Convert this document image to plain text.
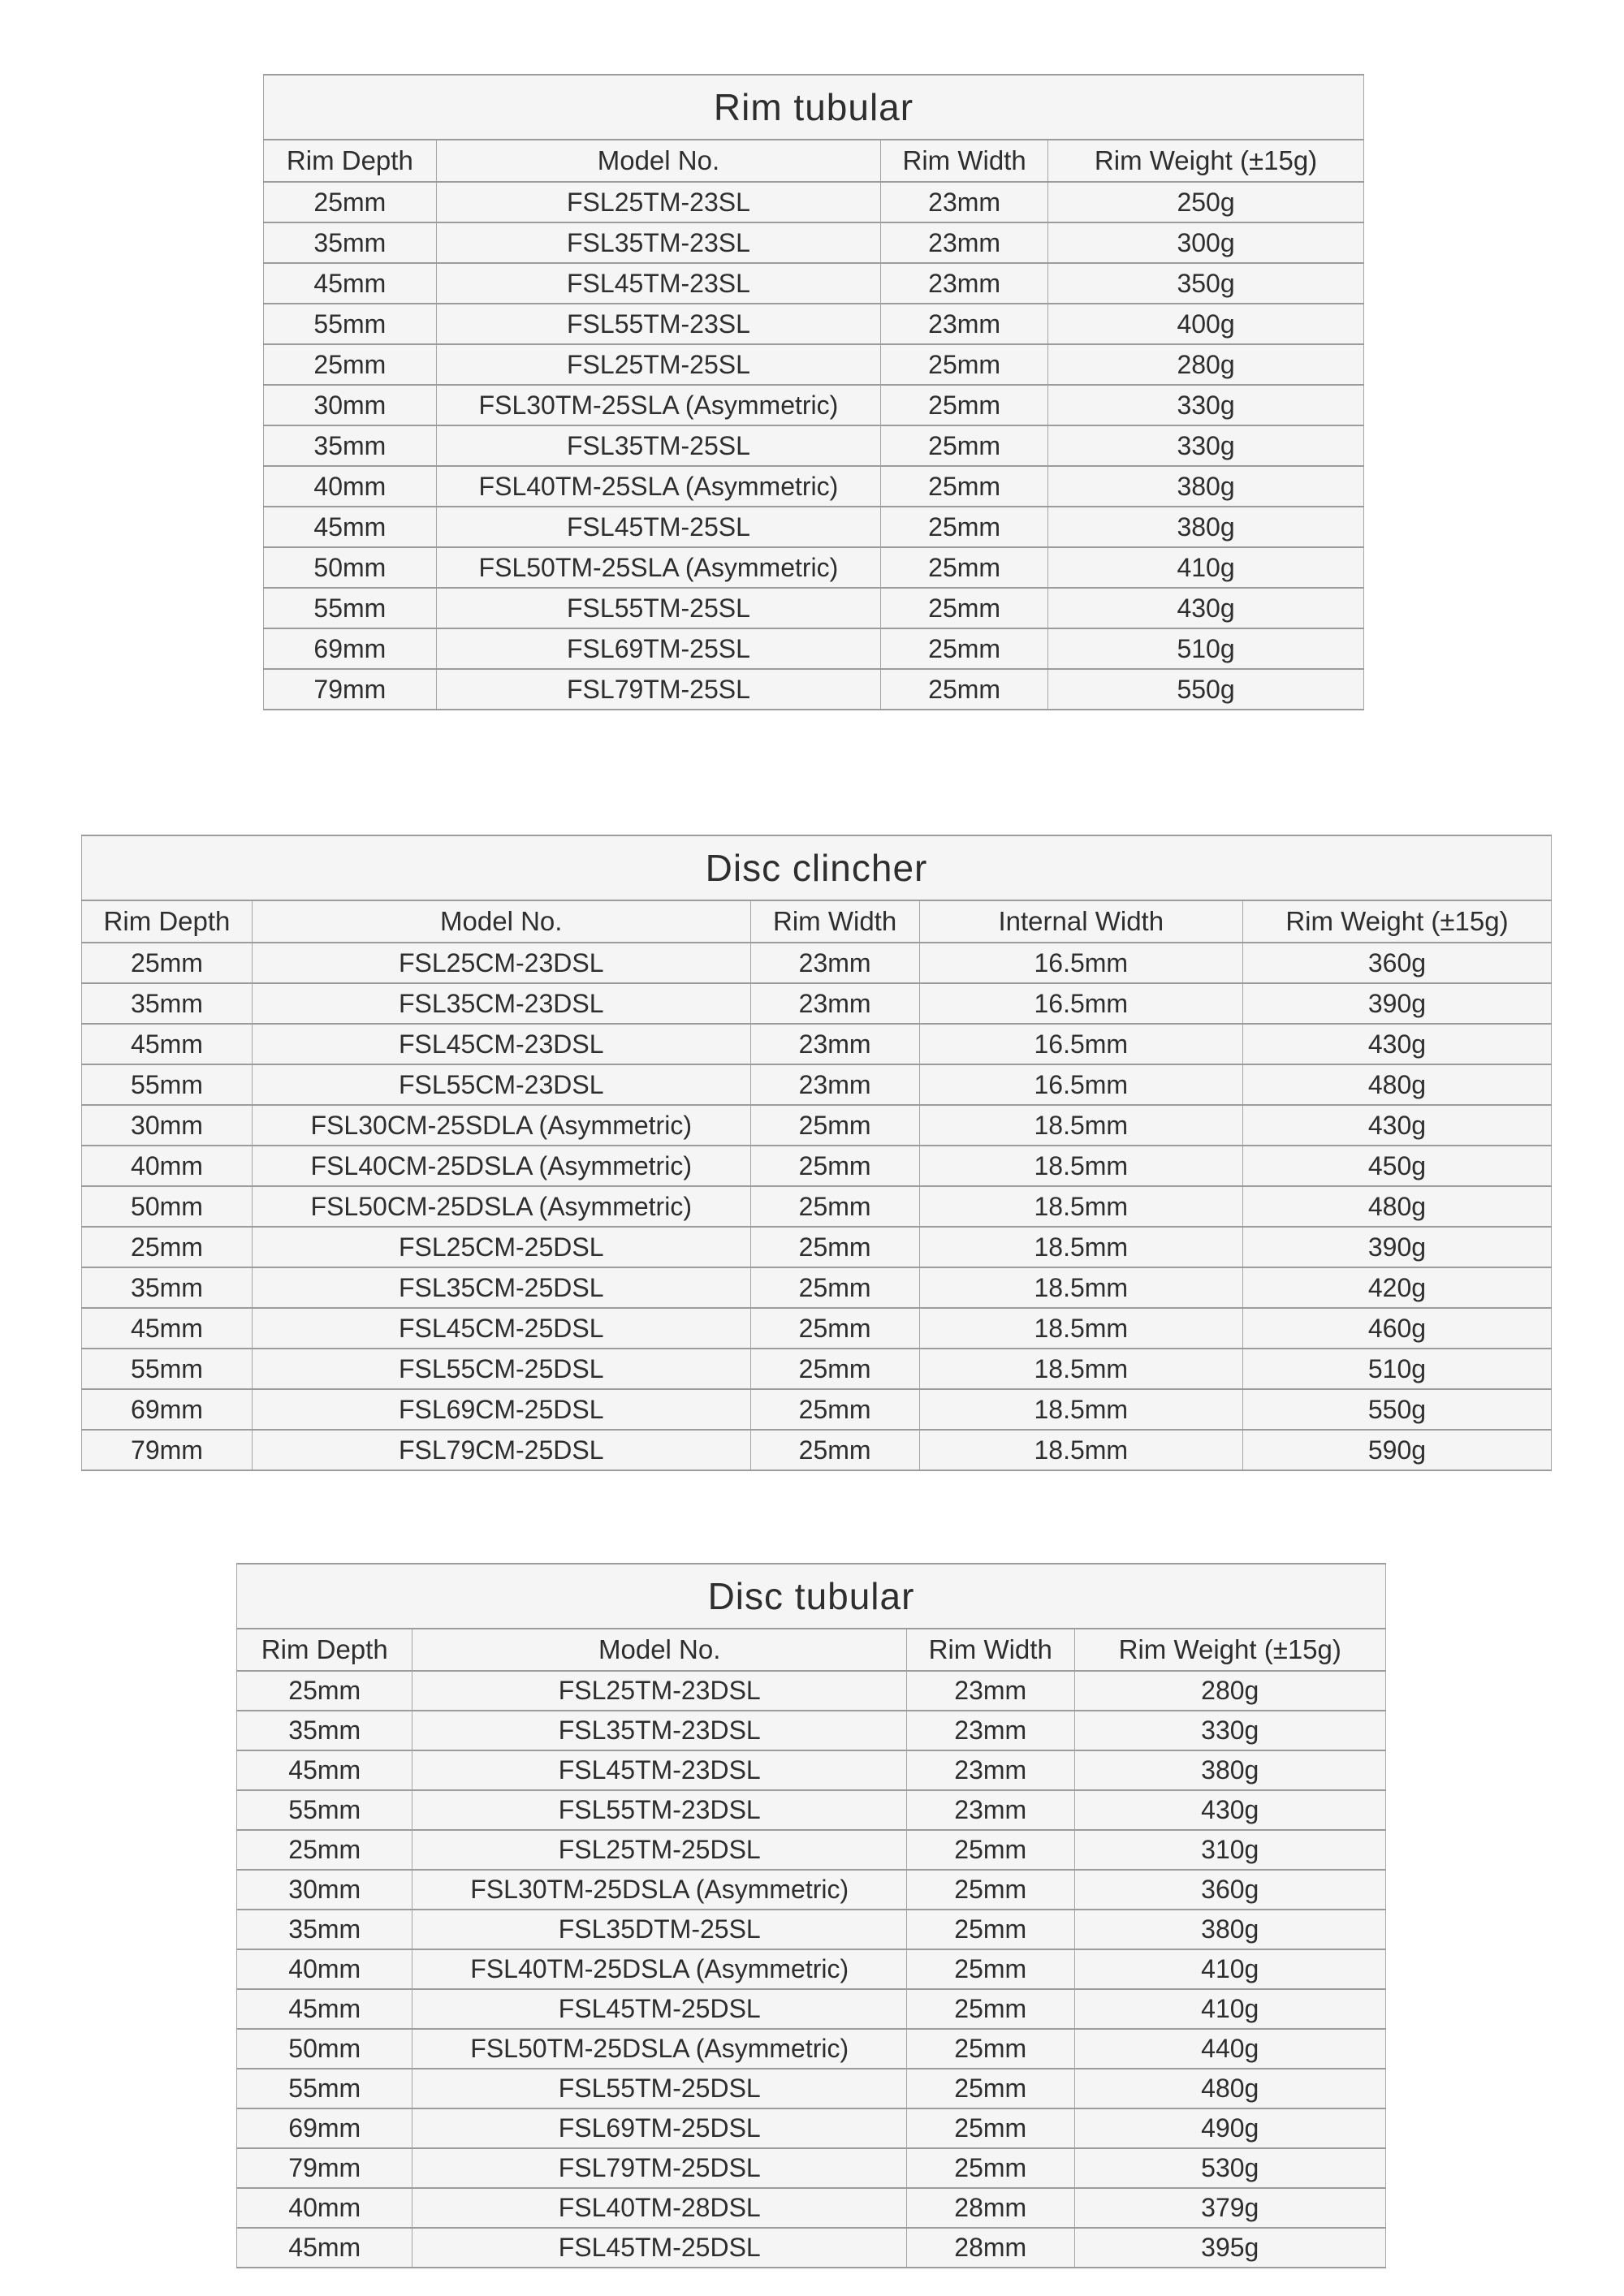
Rim tubular			
Rim Depth	Model No.	Rim Width	Rim Weight (±15g)
25mm	FSL25TM-23SL	23mm	250g
35mm	FSL35TM-23SL	23mm	300g
45mm	FSL45TM-23SL	23mm	350g
55mm	FSL55TM-23SL	23mm	400g
25mm	FSL25TM-25SL	25mm	280g
30mm	FSL30TM-25SLA (Asymmetric)	25mm	330g
35mm	FSL35TM-25SL	25mm	330g
40mm	FSL40TM-25SLA (Asymmetric)	25mm	380g
45mm	FSL45TM-25SL	25mm	380g
50mm	FSL50TM-25SLA (Asymmetric)	25mm	410g
55mm	FSL55TM-25SL	25mm	430g
69mm	FSL69TM-25SL	25mm	510g
79mm	FSL79TM-25SL	25mm	550g
Disc clincher				
Rim Depth	Model No.	Rim Width	Internal Width	Rim Weight (±15g)
25mm	FSL25CM-23DSL	23mm	16.5mm	360g
35mm	FSL35CM-23DSL	23mm	16.5mm	390g
45mm	FSL45CM-23DSL	23mm	16.5mm	430g
55mm	FSL55CM-23DSL	23mm	16.5mm	480g
30mm	FSL30CM-25SDLA (Asymmetric)	25mm	18.5mm	430g
40mm	FSL40CM-25DSLA (Asymmetric)	25mm	18.5mm	450g
50mm	FSL50CM-25DSLA (Asymmetric)	25mm	18.5mm	480g
25mm	FSL25CM-25DSL	25mm	18.5mm	390g
35mm	FSL35CM-25DSL	25mm	18.5mm	420g
45mm	FSL45CM-25DSL	25mm	18.5mm	460g
55mm	FSL55CM-25DSL	25mm	18.5mm	510g
69mm	FSL69CM-25DSL	25mm	18.5mm	550g
79mm	FSL79CM-25DSL	25mm	18.5mm	590g
Disc tubular			
Rim Depth	Model No.	Rim Width	Rim Weight (±15g)
25mm	FSL25TM-23DSL	23mm	280g
35mm	FSL35TM-23DSL	23mm	330g
45mm	FSL45TM-23DSL	23mm	380g
55mm	FSL55TM-23DSL	23mm	430g
25mm	FSL25TM-25DSL	25mm	310g
30mm	FSL30TM-25DSLA (Asymmetric)	25mm	360g
35mm	FSL35DTM-25SL	25mm	380g
40mm	FSL40TM-25DSLA (Asymmetric)	25mm	410g
45mm	FSL45TM-25DSL	25mm	410g
50mm	FSL50TM-25DSLA (Asymmetric)	25mm	440g
55mm	FSL55TM-25DSL	25mm	480g
69mm	FSL69TM-25DSL	25mm	490g
79mm	FSL79TM-25DSL	25mm	530g
40mm	FSL40TM-28DSL	28mm	379g
45mm	FSL45TM-25DSL	28mm	395g
